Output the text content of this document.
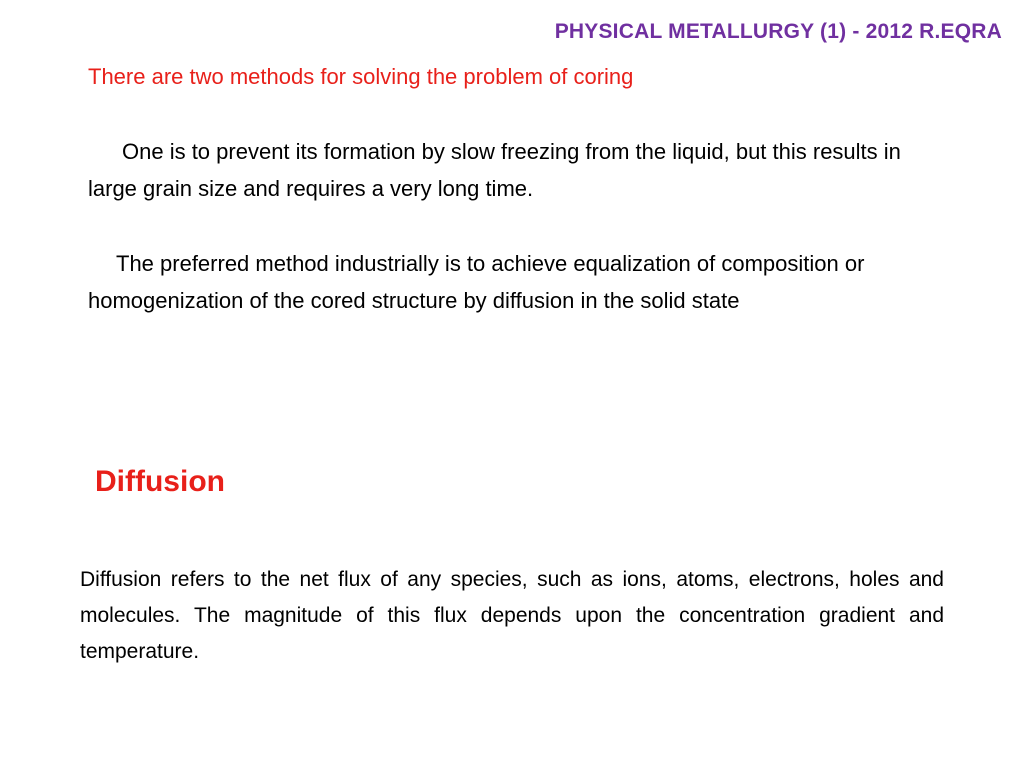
PHYSICAL METALLURGY (1) - 2012 R.EQRA
There are two methods for solving the problem of coring
One is to prevent its formation by slow freezing from the liquid, but this results in large grain size and requires a very long time.
The preferred method industrially is to achieve equalization of composition or homogenization of the cored structure by diffusion in the solid state
Diffusion
Diffusion refers to the net flux of any species, such as ions, atoms, electrons, holes and molecules. The magnitude of this flux depends upon the concentration gradient and temperature.
